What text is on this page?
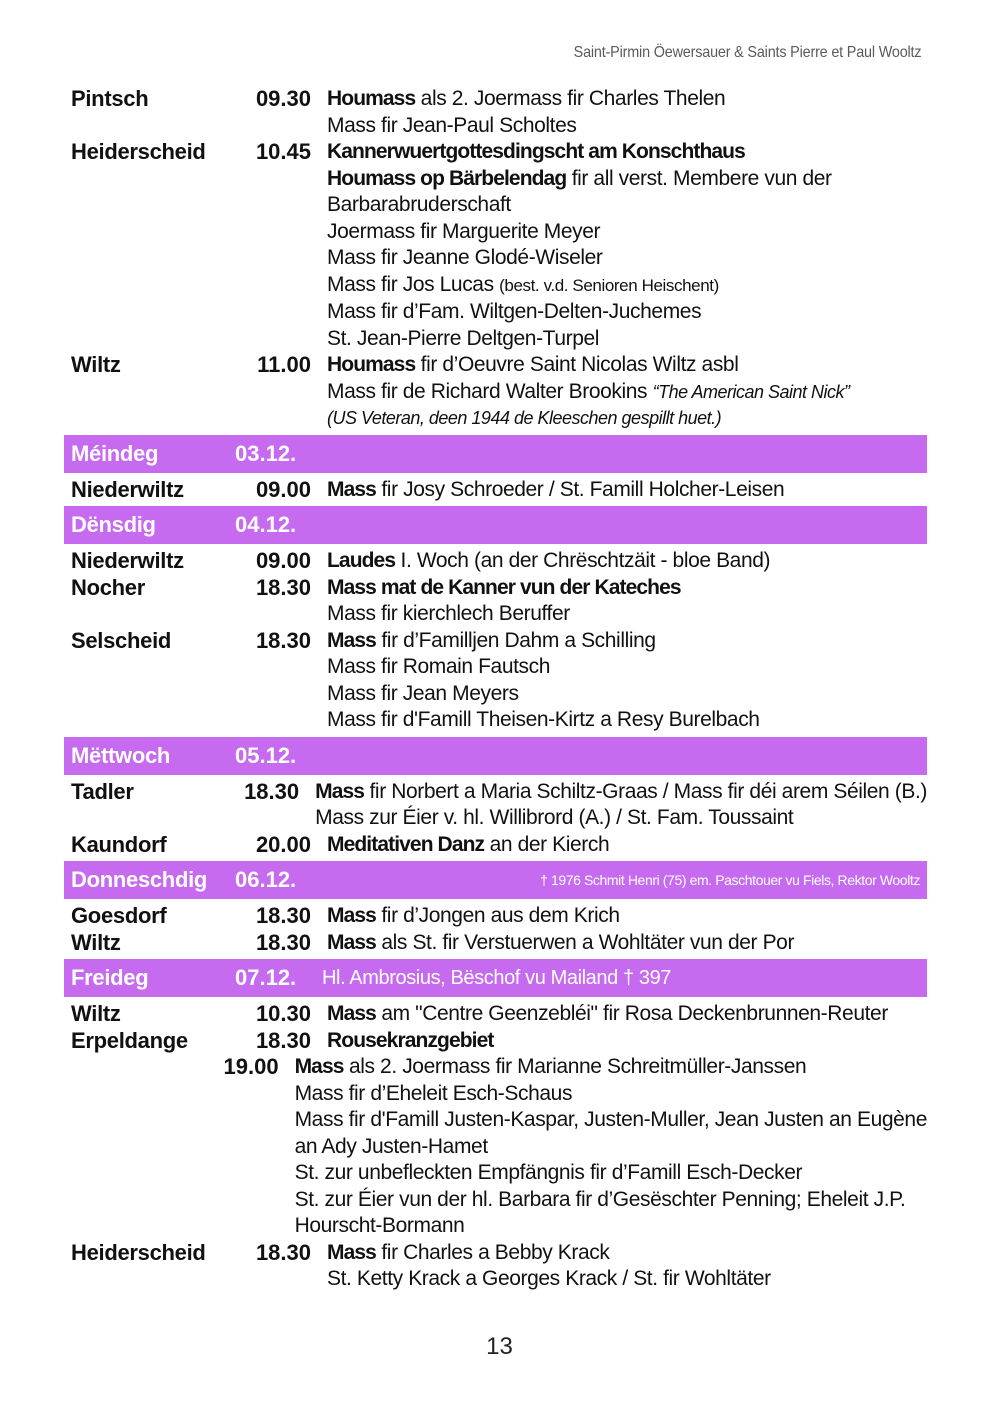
Saint-Pirmin Öewersauer & Saints Pierre et Paul Wooltz
Pintsch	09.30 Houmass als 2. Joermass fir Charles Thelen
Mass fir Jean-Paul Scholtes
Heiderscheid	10.45 Kannerwuertgottesdingscht am Konschthaus
Houmass op Bärbelendag fir all verst. Membere vun der
Barbarabruderschaft
Joermass fir Marguerite Meyer
Mass fir Jeanne Glodé-Wiseler
Mass fir Jos Lucas (best. v.d. Senioren Heischent)
Mass fir d’Fam. Wiltgen-Delten-Juchemes
St. Jean-Pierre Deltgen-Turpel
Wiltz	11.00 Houmass fir d’Oeuvre Saint Nicolas Wiltz asbl
Mass fir de Richard Walter Brookins “The American Saint Nick”
(US Veteran, deen 1944 de Kleeschen gespillt huet.)
Méindeg	03.12.
Niederwiltz	09.00 Mass fir Josy Schroeder / St. Famill Holcher-Leisen
Dënsdig	04.12.
Niederwiltz	09.00 Laudes I. Woch (an der Chrëschtzäit - bloe Band)
Nocher	18.30 Mass mat de Kanner vun der Kateches
Mass fir kierchlech Beruffer
Selscheid	18.30 Mass fir d’Familljen Dahm a Schilling
Mass fir Romain Fautsch
Mass fir Jean Meyers
Mass fir d'Famill Theisen-Kirtz a Resy Burelbach
Mëttwoch	05.12.
Tadler	18.30 Mass fir Norbert a Maria Schiltz-Graas / Mass fir déi arem Séilen (B.)
Mass zur Éier v. hl. Willibrord (A.) / St. Fam. Toussaint
Kaundorf	20.00 Meditativen Danz an der Kierch
Donneschdig	06.12.	† 1976 Schmit Henri (75) em. Paschtouer vu Fiels, Rektor Wooltz
Goesdorf	18.30 Mass fir d’Jongen aus dem Krich
Wiltz	18.30 Mass als St. fir Verstuerwen a Wohltäter vun der Por
Freideg	07.12.	Hl. Ambrosius, Bëschof vu Mailand † 397
Wiltz	10.30 Mass am "Centre Geenzebléi" fir Rosa Deckenbrunnen-Reuter
Erpeldange	18.30 Rousekranzgebiet
19.00 Mass als 2. Joermass fir Marianne Schreitmüller-Janssen
Mass fir d’Eheleit Esch-Schaus
Mass fir d'Famill Justen-Kaspar, Justen-Muller, Jean Justen an Eugène
an Ady Justen-Hamet
St. zur unbefleckten Empfängnis fir d’Famill Esch-Decker
St. zur Éier vun der hl. Barbara fir d’Gesëschter Penning; Eheleit J.P.
Hourscht-Bormann
Heiderscheid	18.30 Mass fir Charles a Bebby Krack
St. Ketty Krack a Georges Krack / St. fir Wohltäter
13
